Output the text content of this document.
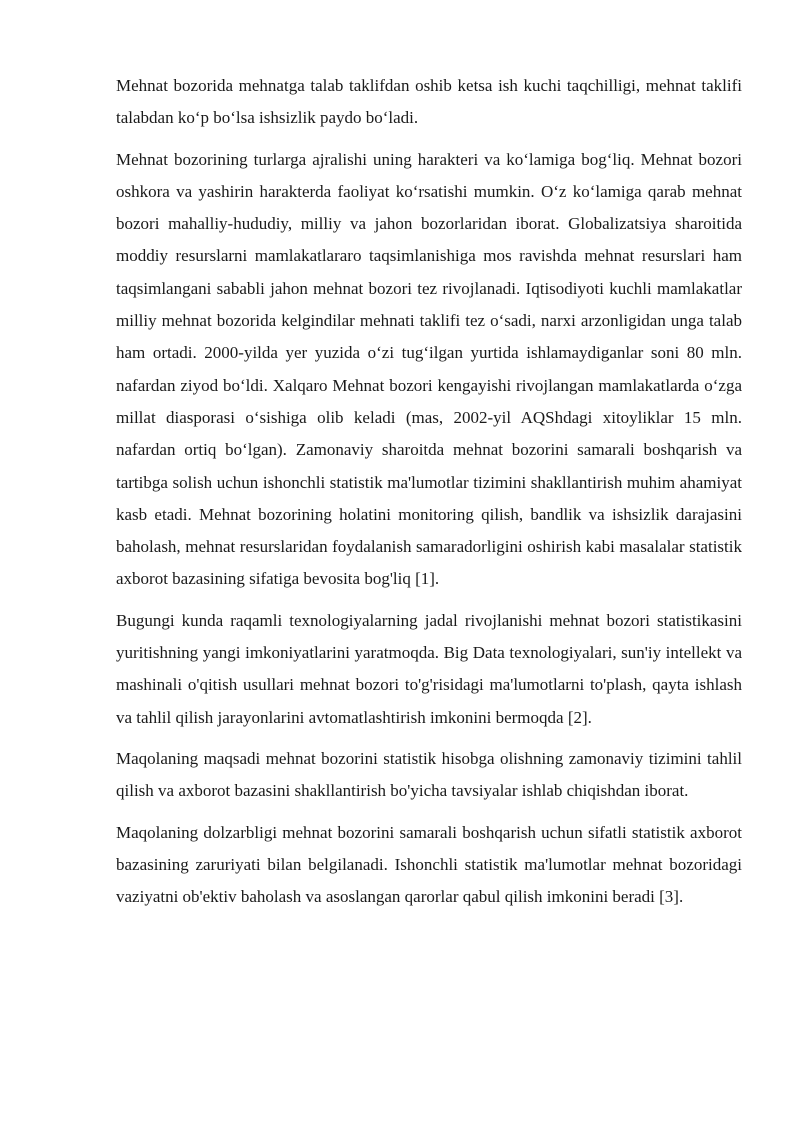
Mehnat bozorida mehnatga talab taklifdan oshib ketsa ish kuchi taqchilligi, mehnat taklifi talabdan koʻp boʻlsa ishsizlik paydo boʻladi.

Mehnat bozorining turlarga ajralishi uning harakteri va koʻlamiga bogʻliq. Mehnat bozori oshkora va yashirin harakterda faoliyat koʻrsatishi mumkin. Oʻz koʻlamiga qarab mehnat bozori mahalliy-hududiy, milliy va jahon bozorlaridan iborat. Globalizatsiya sharoitida moddiy resurslarni mamlakatlararo taqsimlanishiga mos ravishda mehnat resurslari ham taqsimlangani sababli jahon mehnat bozori tez rivojlanadi. Iqtisodiyoti kuchli mamlakatlar milliy mehnat bozorida kelgindilar mehnati taklifi tez oʻsadi, narxi arzonligidan unga talab ham ortadi. 2000-yilda yer yuzida oʻzi tugʻilgan yurtida ishlamaydiganlar soni 80 mln. nafardan ziyod boʻldi. Xalqaro Mehnat bozori kengayishi rivojlangan mamlakatlarda oʻzga millat diasporasi oʻsishiga olib keladi (mas, 2002-yil AQShdagi xitoyliklar 15 mln. nafardan ortiq boʻlgan). Zamonaviy sharoitda mehnat bozorini samarali boshqarish va tartibga solish uchun ishonchli statistik ma'lumotlar tizimini shakllantirish muhim ahamiyat kasb etadi. Mehnat bozorining holatini monitoring qilish, bandlik va ishsizlik darajasini baholash, mehnat resurslaridan foydalanish samaradorligini oshirish kabi masalalar statistik axborot bazasining sifatiga bevosita bog'liq [1].

Bugungi kunda raqamli texnologiyalarning jadal rivojlanishi mehnat bozori statistikasini yuritishning yangi imkoniyatlarini yaratmoqda. Big Data texnologiyalari, sun'iy intellekt va mashinali o'qitish usullari mehnat bozori to'g'risidagi ma'lumotlarni to'plash, qayta ishlash va tahlil qilish jarayonlarini avtomatlashtirish imkonini bermoqda [2].

Maqolaning maqsadi mehnat bozorini statistik hisobga olishning zamonaviy tizimini tahlil qilish va axborot bazasini shakllantirish bo'yicha tavsiyalar ishlab chiqishdan iborat.

Maqolaning dolzarbligi mehnat bozorini samarali boshqarish uchun sifatli statistik axborot bazasining zaruriyati bilan belgilanadi. Ishonchli statistik ma'lumotlar mehnat bozoridagi vaziyatni ob'ektiv baholash va asoslangan qarorlar qabul qilish imkonini beradi [3].
